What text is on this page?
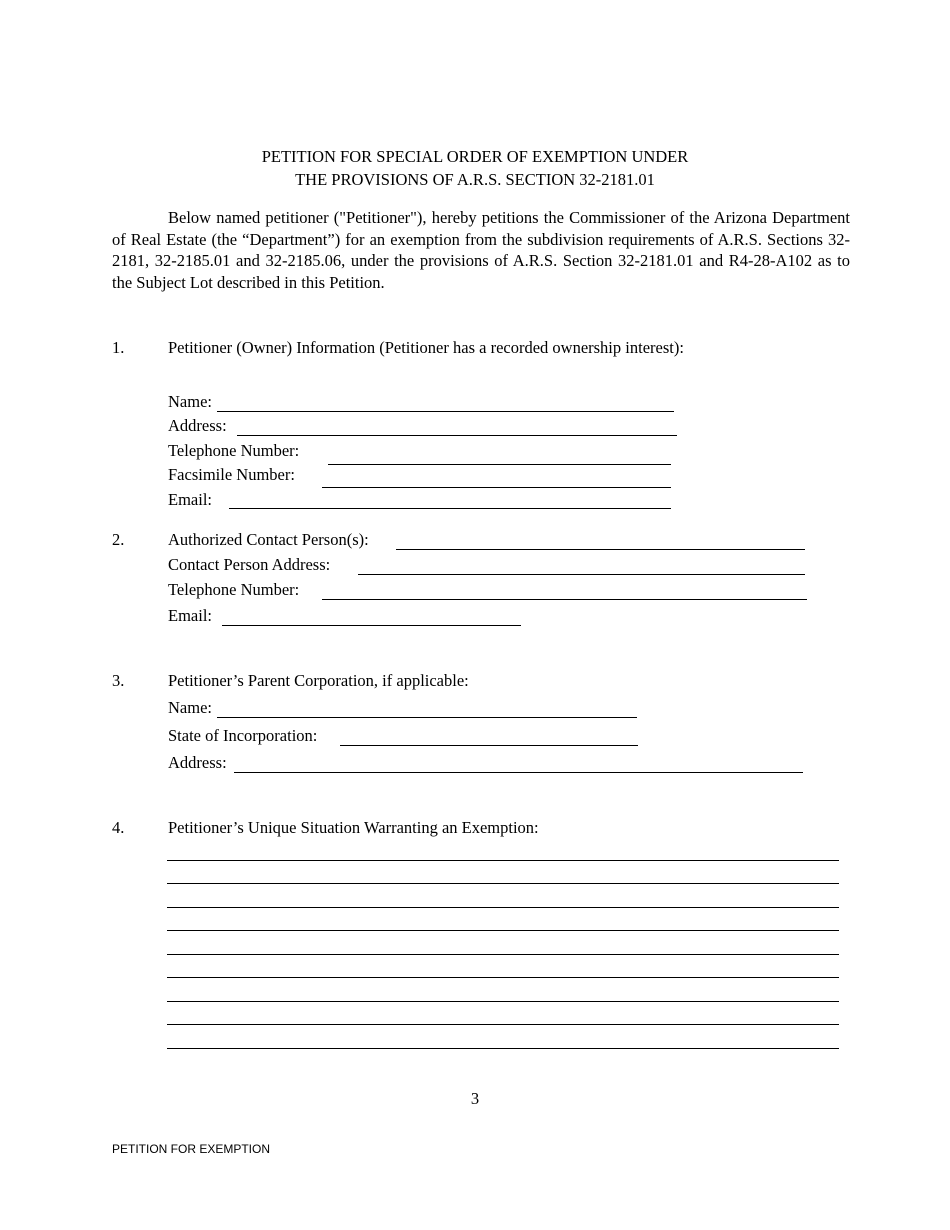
PETITION FOR SPECIAL ORDER OF EXEMPTION UNDER
THE PROVISIONS OF A.R.S. SECTION 32-2181.01
Below named petitioner ("Petitioner"), hereby petitions the Commissioner of the Arizona Department of Real Estate (the “Department”) for an exemption from the subdivision requirements of A.R.S. Sections 32-2181, 32-2185.01 and 32-2185.06, under the provisions of A.R.S. Section 32-2181.01 and R4-28-A102 as to the Subject Lot described in this Petition.
1.	Petitioner (Owner) Information (Petitioner has a recorded ownership interest):
Name:
Address:
Telephone Number:
Facsimile Number:
Email:
2.	Authorized Contact Person(s):
Contact Person Address:
Telephone Number:
Email:
3.	Petitioner’s Parent Corporation, if applicable:
Name:
State of Incorporation:
Address:
4.	Petitioner’s Unique Situation Warranting an Exemption:
3
PETITION FOR EXEMPTION
